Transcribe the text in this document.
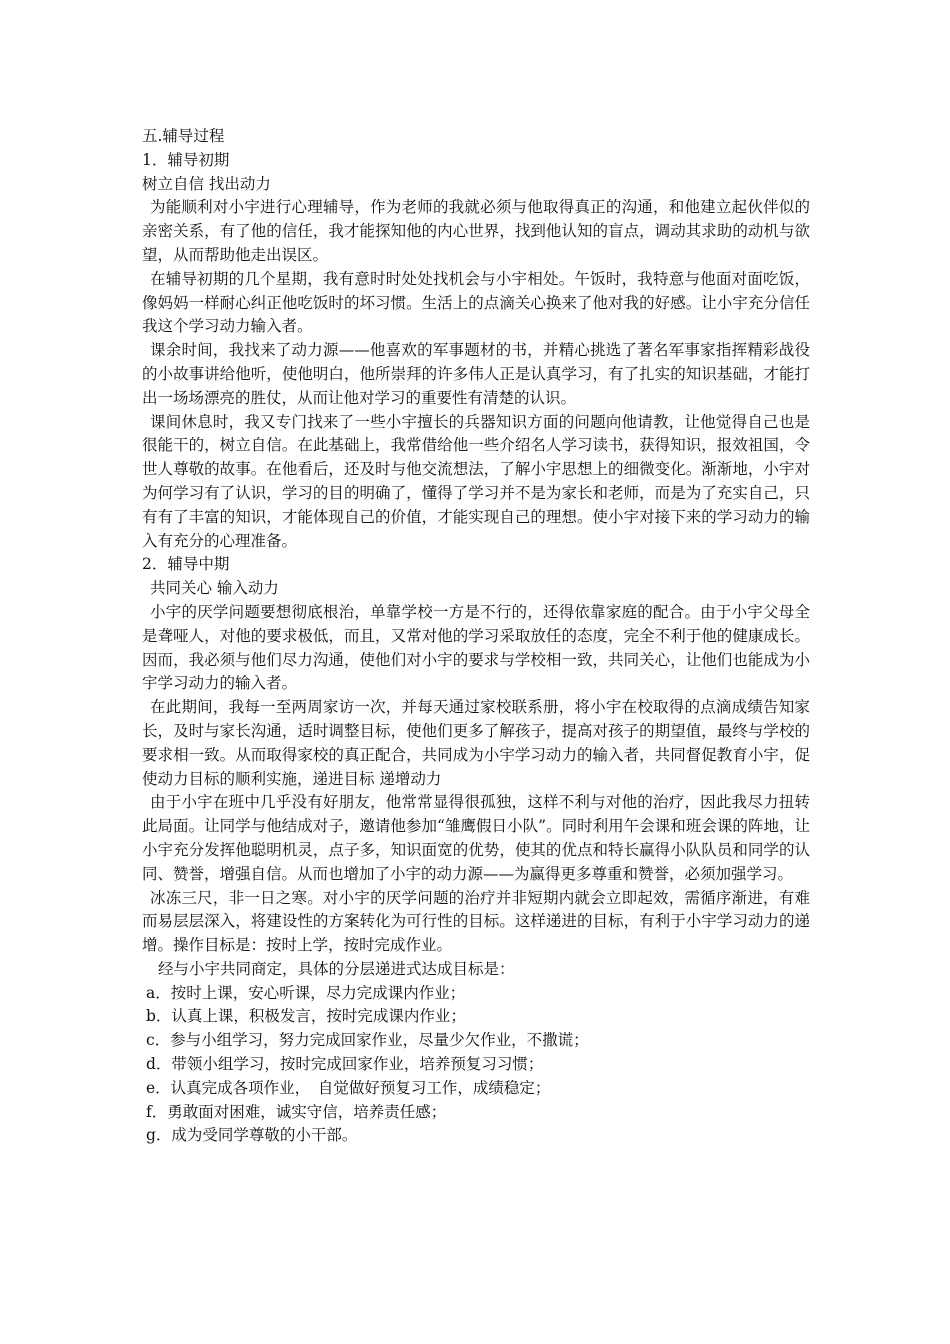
五.辅导过程
1．辅导初期
树立自信 找出动力
为能顺利对小宇进行心理辅导，作为老师的我就必须与他取得真正的沟通，和他建立起伙伴似的亲密关系，有了他的信任，我才能探知他的内心世界，找到他认知的盲点，调动其求助的动机与欲望，从而帮助他走出误区。
在辅导初期的几个星期，我有意时时处处找机会与小宇相处。午饭时，我特意与他面对面吃饭，像妈妈一样耐心纠正他吃饭时的坏习惯。生活上的点滴关心换来了他对我的好感。让小宇充分信任我这个学习动力输入者。
课余时间，我找来了动力源——他喜欢的军事题材的书，并精心挑选了著名军事家指挥精彩战役的小故事讲给他听，使他明白，他所崇拜的许多伟人正是认真学习，有了扎实的知识基础，才能打出一场场漂亮的胜仗，从而让他对学习的重要性有清楚的认识。
课间休息时，我又专门找来了一些小宇擅长的兵器知识方面的问题向他请教，让他觉得自己也是很能干的，树立自信。在此基础上，我常借给他一些介绍名人学习读书，获得知识，报效祖国，令世人尊敬的故事。在他看后，还及时与他交流想法，了解小宇思想上的细微变化。渐渐地，小宇对为何学习有了认识，学习的目的明确了，懂得了学习并不是为家长和老师，而是为了充实自己，只有有了丰富的知识，才能体现自己的价值，才能实现自己的理想。使小宇对接下来的学习动力的输入有充分的心理准备。
2．辅导中期
共同关心 输入动力
小宇的厌学问题要想彻底根治，单靠学校一方是不行的，还得依靠家庭的配合。由于小宇父母全是聋哑人，对他的要求极低，而且，又常对他的学习采取放任的态度，完全不利于他的健康成长。因而，我必须与他们尽力沟通，使他们对小宇的要求与学校相一致，共同关心，让他们也能成为小宇学习动力的输入者。
在此期间，我每一至两周家访一次，并每天通过家校联系册，将小宇在校取得的点滴成绩告知家长，及时与家长沟通，适时调整目标，使他们更多了解孩子，提高对孩子的期望值，最终与学校的要求相一致。从而取得家校的真正配合，共同成为小宇学习动力的输入者，共同督促教育小宇，促使动力目标的顺利实施，递进目标 递增动力
由于小宇在班中几乎没有好朋友，他常常显得很孤独，这样不利与对他的治疗，因此我尽力扭转此局面。让同学与他结成对子，邀请他参加“雏鹰假日小队”。同时利用午会课和班会课的阵地，让小宇充分发挥他聪明机灵，点子多，知识面宽的优势，使其的优点和特长赢得小队队员和同学的认同、赞誉，增强自信。从而也增加了小宇的动力源——为赢得更多尊重和赞誉，必须加强学习。
冰冻三尺，非一日之寒。对小宇的厌学问题的治疗并非短期内就会立即起效，需循序渐进，有难而易层层深入，将建设性的方案转化为可行性的目标。这样递进的目标，有利于小宇学习动力的递增。操作目标是：按时上学，按时完成作业。
经与小宇共同商定，具体的分层递进式达成目标是：
a．按时上课，安心听课，尽力完成课内作业；
b．认真上课，积极发言，按时完成课内作业；
c．参与小组学习，努力完成回家作业，尽量少欠作业，不撒谎；
d．带领小组学习，按时完成回家作业，培养预复习习惯；
e．认真完成各项作业，　自觉做好预复习工作，成绩稳定；
f．勇敢面对困难，诚实守信，培养责任感；
g．成为受同学尊敬的小干部。
